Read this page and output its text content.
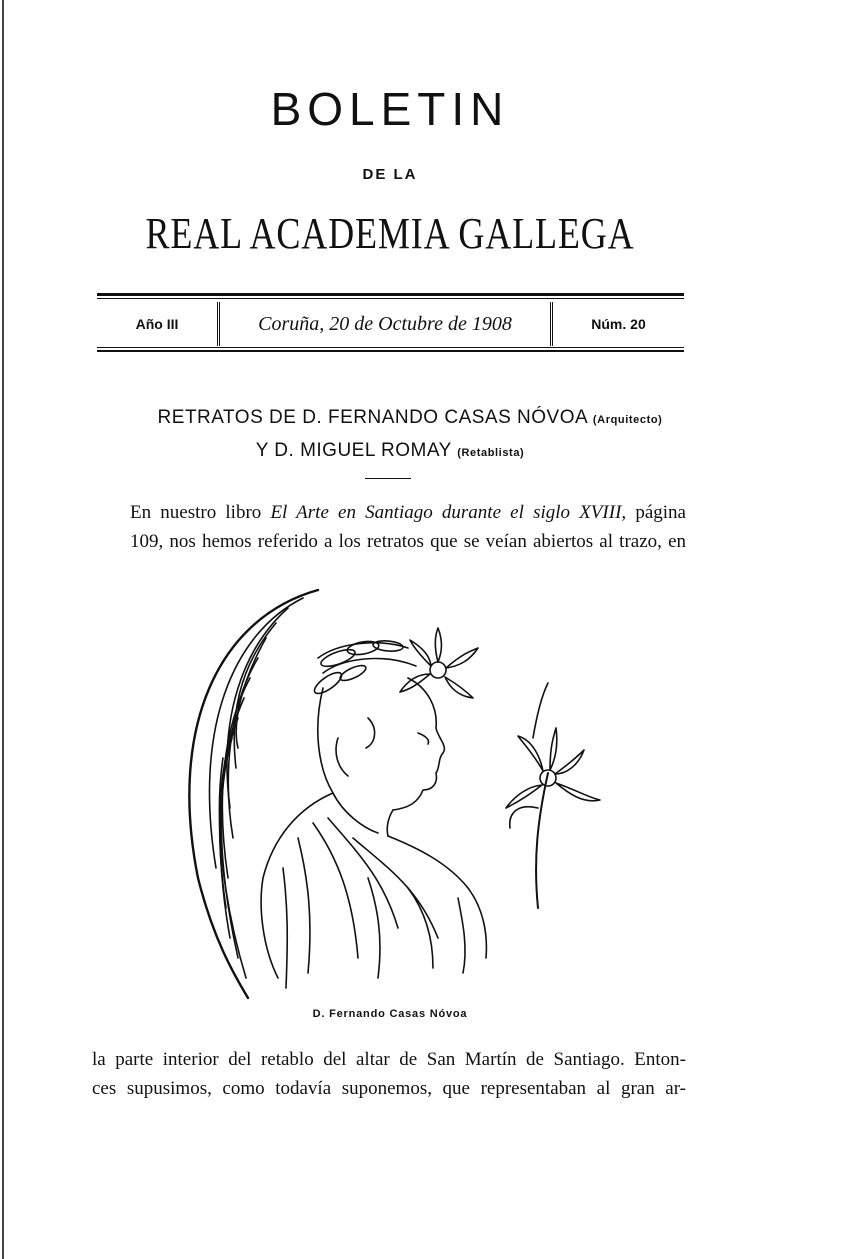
BOLETIN
DE LA
REAL ACADEMIA GALLEGA
Año III	Coruña, 20 de Octubre de 1908	Núm. 20
RETRATOS DE D. FERNANDO CASAS NÓVOA (Arquitecto)
Y D. MIGUEL ROMAY (Retablista)

En nuestro libro El Arte en Santiago durante el siglo XVIII, página

109, nos hemos referido a los retratos que se veían abiertos al trazo, en

D. Fernando Casas Nóvoa

la parte interior del retablo del altar de San Martín de Santiago. Enton-

ces supusimos, como todavía suponemos, que representaban al gran ar-
